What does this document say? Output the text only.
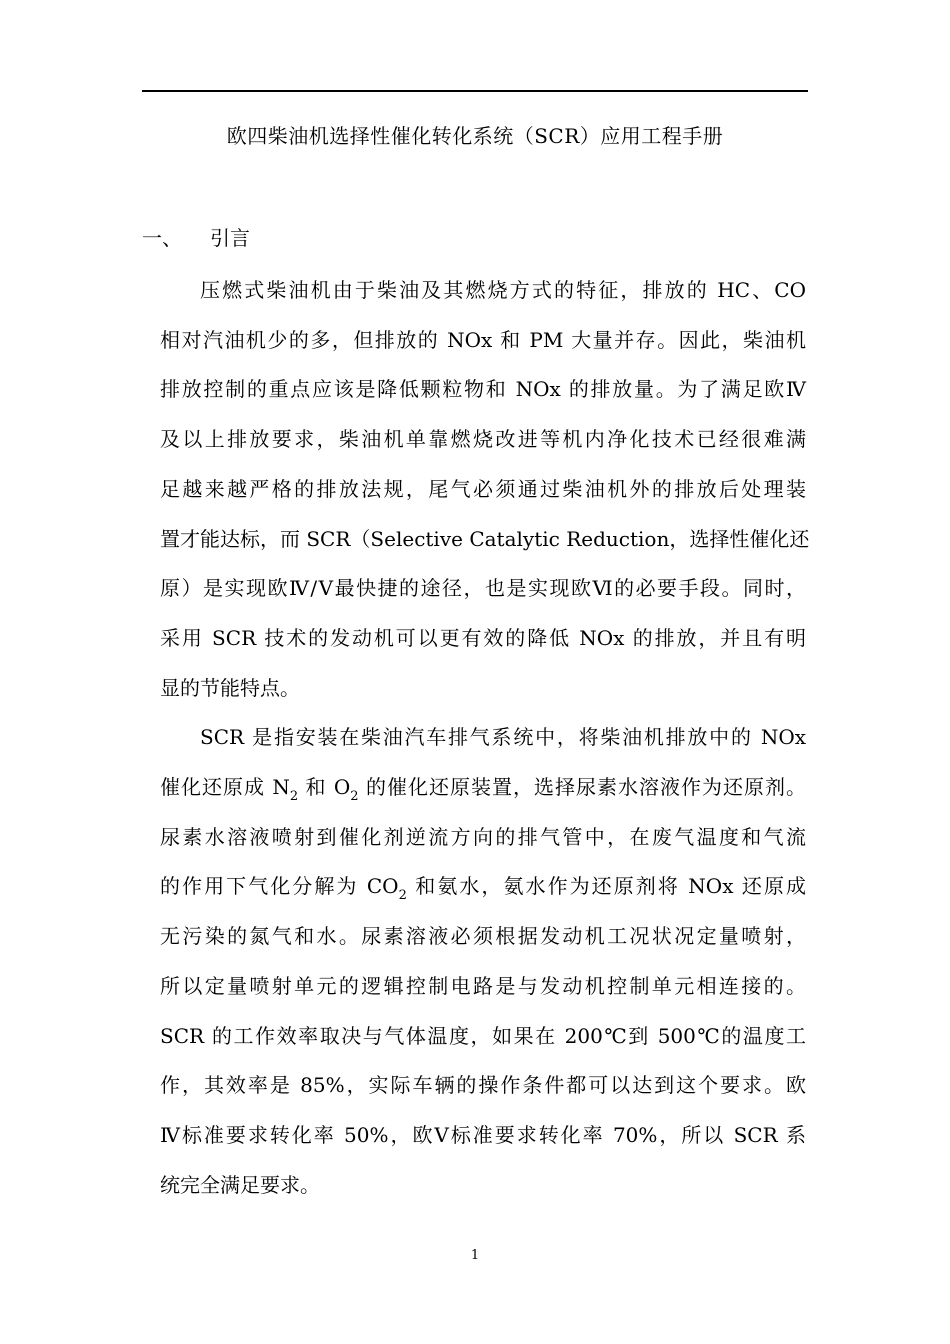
欧四柴油机选择性催化转化系统（SCR）应用工程手册
一、 引言
压燃式柴油机由于柴油及其燃烧方式的特征，排放的 HC、CO
相对汽油机少的多，但排放的 NOx 和 PM 大量并存。因此，柴油机
排放控制的重点应该是降低颗粒物和 NOx 的排放量。为了满足欧Ⅳ
及以上排放要求，柴油机单靠燃烧改进等机内净化技术已经很难满
足越来越严格的排放法规，尾气必须通过柴油机外的排放后处理装
置才能达标，而 SCR（Selective Catalytic Reduction，选择性催化还
原）是实现欧Ⅳ/Ⅴ最快捷的途径，也是实现欧Ⅵ的必要手段。同时，
采用 SCR 技术的发动机可以更有效的降低 NOx 的排放，并且有明
显的节能特点。
SCR 是指安装在柴油汽车排气系统中，将柴油机排放中的 NOx
催化还原成 $N_2$ 和 $O_2$ 的催化还原装置，选择尿素水溶液作为还原剂。
尿素水溶液喷射到催化剂逆流方向的排气管中，在废气温度和气流
的作用下气化分解为 $CO_2$ 和氨水，氨水作为还原剂将 NOx 还原成
无污染的氮气和水。尿素溶液必须根据发动机工况状况定量喷射，
所以定量喷射单元的逻辑控制电路是与发动机控制单元相连接的。
SCR 的工作效率取决与气体温度，如果在 200℃到 500℃的温度工
作，其效率是 85%，实际车辆的操作条件都可以达到这个要求。欧
Ⅳ标准要求转化率 50%，欧Ⅴ标准要求转化率 70%，所以 SCR 系
统完全满足要求。
1
